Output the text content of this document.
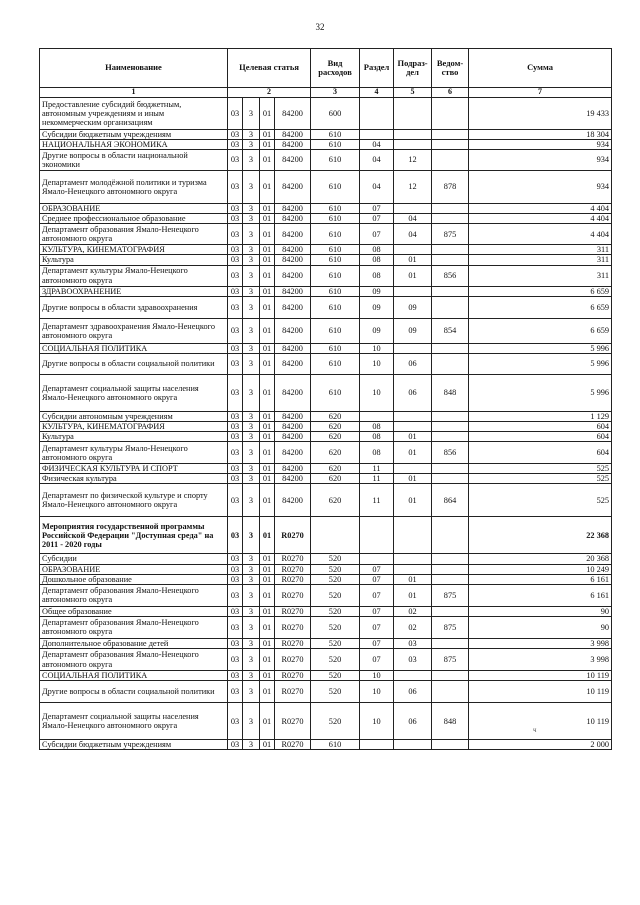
32
Наименование	Целевая статья				Вид расходов	Раздел	Подраз-дел	Ведом-ство	Сумма
1	2				3	4	5	6	7
Предоставление субсидий бюджетным, автономным учреждениям и иным некоммерческим организациям	03	3	01	84200	600				19 433
Субсидии бюджетным учреждениям	03	3	01	84200	610				18 304
НАЦИОНАЛЬНАЯ ЭКОНОМИКА	03	3	01	84200	610	04			934
Другие вопросы в области национальной экономики	03	3	01	84200	610	04	12		934
Департамент молодёжной политики и туризма Ямало-Ненецкого автономного округа	03	3	01	84200	610	04	12	878	934
ОБРАЗОВАНИЕ	03	3	01	84200	610	07			4 404
Среднее профессиональное образование	03	3	01	84200	610	07	04		4 404
Департамент образования Ямало-Ненецкого автономного округа	03	3	01	84200	610	07	04	875	4 404
КУЛЬТУРА, КИНЕМАТОГРАФИЯ	03	3	01	84200	610	08			311
Культура	03	3	01	84200	610	08	01		311
Департамент культуры Ямало-Ненецкого автономного округа	03	3	01	84200	610	08	01	856	311
ЗДРАВООХРАНЕНИЕ	03	3	01	84200	610	09			6 659
Другие вопросы в области здравоохранения	03	3	01	84200	610	09	09		6 659
Департамент здравоохранения Ямало-Ненецкого автономного округа	03	3	01	84200	610	09	09	854	6 659
СОЦИАЛЬНАЯ ПОЛИТИКА	03	3	01	84200	610	10			5 996
Другие вопросы в области социальной политики	03	3	01	84200	610	10	06		5 996
Департамент социальной защиты населения Ямало-Ненецкого автономного округа	03	3	01	84200	610	10	06	848	5 996
Субсидии автономным учреждениям	03	3	01	84200	620				1 129
КУЛЬТУРА, КИНЕМАТОГРАФИЯ	03	3	01	84200	620	08			604
Культура	03	3	01	84200	620	08	01		604
Департамент культуры Ямало-Ненецкого автономного округа	03	3	01	84200	620	08	01	856	604
ФИЗИЧЕСКАЯ КУЛЬТУРА И СПОРТ	03	3	01	84200	620	11			525
Физическая культура	03	3	01	84200	620	11	01		525
Департамент по физической культуре и спорту Ямало-Ненецкого автономного округа	03	3	01	84200	620	11	01	864	525
Мероприятия государственной программы Российской Федерации "Доступная среда" на 2011 - 2020 годы	03	3	01	R0270					22 368
Субсидии	03	3	01	R0270	520				20 368
ОБРАЗОВАНИЕ	03	3	01	R0270	520	07			10 249
Дошкольное образование	03	3	01	R0270	520	07	01		6 161
Департамент образования Ямало-Ненецкого автономного округа	03	3	01	R0270	520	07	01	875	6 161
Общее образование	03	3	01	R0270	520	07	02		90
Департамент образования Ямало-Ненецкого автономного округа	03	3	01	R0270	520	07	02	875	90
Дополнительное образование детей	03	3	01	R0270	520	07	03		3 998
Департамент образования Ямало-Ненецкого автономного округа	03	3	01	R0270	520	07	03	875	3 998
СОЦИАЛЬНАЯ ПОЛИТИКА	03	3	01	R0270	520	10			10 119
Другие вопросы в области социальной политики	03	3	01	R0270	520	10	06		10 119
Департамент социальной защиты населения Ямало-Ненецкого автономного округа	03	3	01	R0270	520	10	06	848	10 119
Субсидии бюджетным учреждениям	03	3	01	R0270	610				2 000
ч
